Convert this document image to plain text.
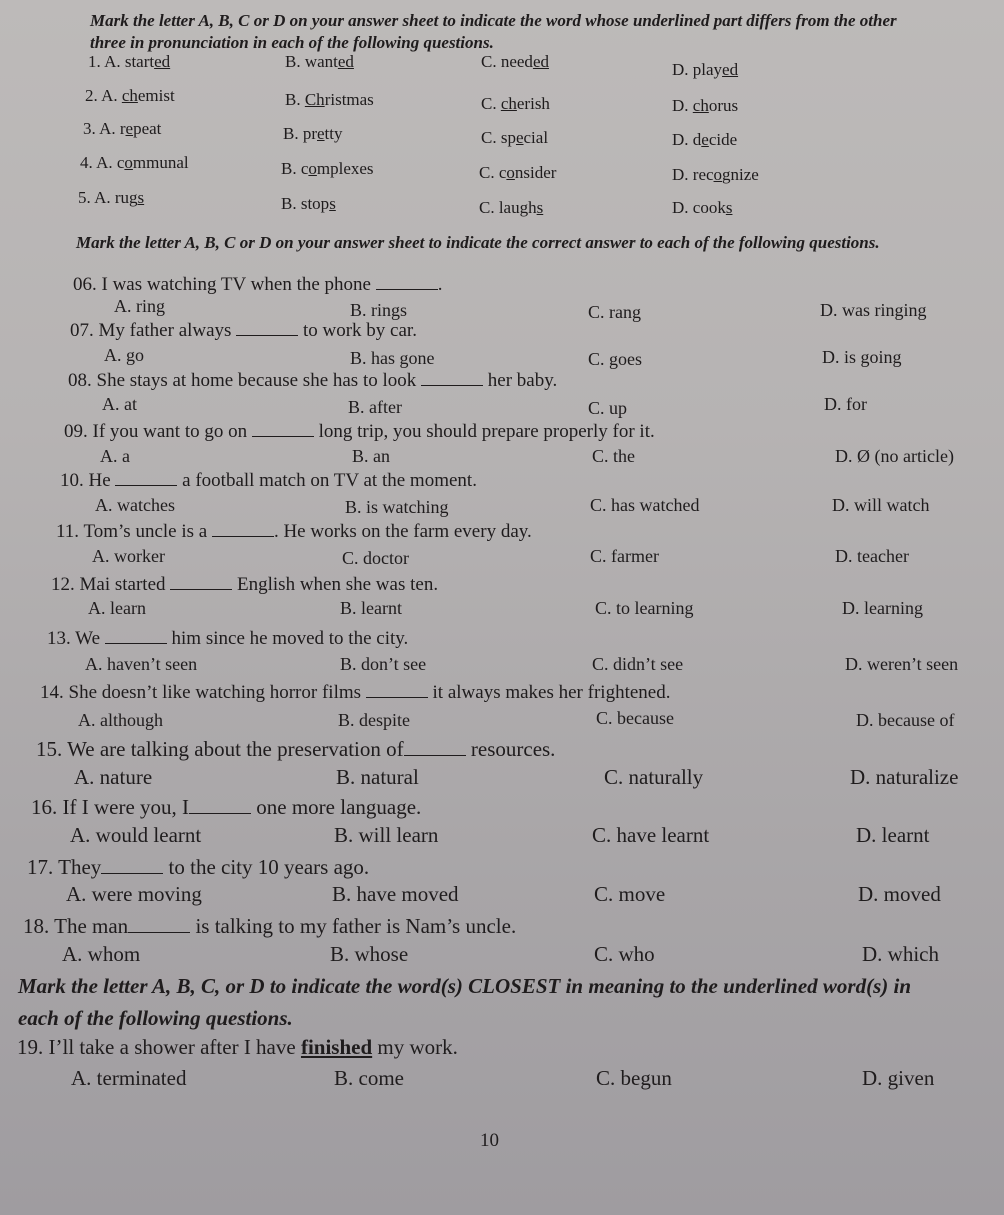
Mark the letter A, B, C or D on your answer sheet to indicate the word whose underlined part differs from the other three in pronunciation in each of the following questions.

1. A. started	B. wanted	C. needed	D. played
2. A. chemist	B. Christmas	C. cherish	D. chorus
3. A. repeat	B. pretty	C. special	D. decide
4. A. communal	B. complexes	C. consider	D. recognize
5. A. rugs	B. stops	C. laughs	D. cooks

Mark the letter A, B, C or D on your answer sheet to indicate the correct answer to each of the following questions.

06. I was watching TV when the phone	.
A. ring	B. rings	C. rang	D. was ringing
07. My father always	to work by car.
A. go	B. has gone	C. goes	D. is going
08. She stays at home because she has to look	her baby.
A. at	B. after	C. up	D. for
09. If you want to go on	long trip, you should prepare properly for it.
A. a	B. an	C. the	D. Ø (no article)
10. He	a football match on TV at the moment.
A. watches	B. is watching	C. has watched	D. will watch
11. Tom’s uncle is a	. He works on the farm every day.
A. worker	C. doctor	C. farmer	D. teacher
12. Mai started	English when she was ten.
A. learn	B. learnt	C. to learning	D. learning
13. We	him since he moved to the city.
A. haven’t seen	B. don’t see	C. didn’t see	D. weren’t seen
14. She doesn’t like watching horror films	it always makes her frightened.
A. although	B. despite	C. because	D. because of
15. We are talking about the preservation of	resources.
A. nature	B. natural	C. naturally	D. naturalize
16. If I were you, I	one more language.
A. would learnt	B. will learn	C. have learnt	D. learnt
17. They	to the city 10 years ago.
A. were moving	B. have moved	C. move	D. moved
18. The man	is talking to my father is Nam’s uncle.
A. whom	B. whose	C. who	D. which

Mark the letter A, B, C, or D to indicate the word(s) CLOSEST in meaning to the underlined word(s) in each of the following questions.

19. I’ll take a shower after I have finished my work.
A. terminated	B. come	C. begun	D. given
10
